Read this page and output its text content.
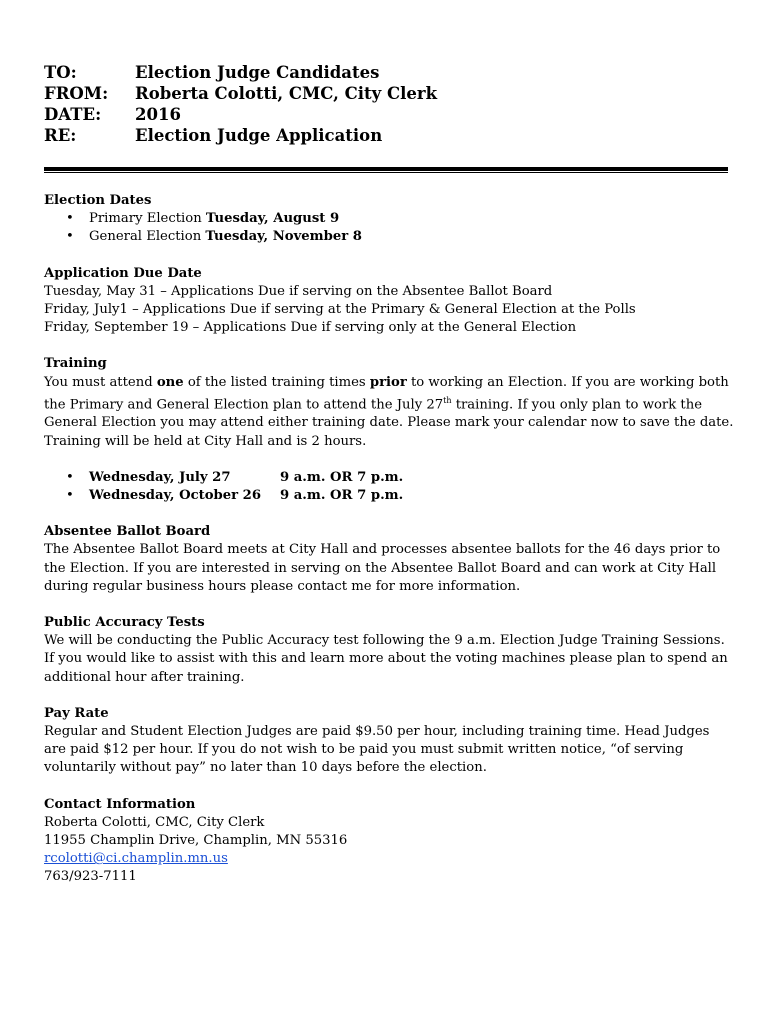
TO:	Election Judge Candidates
FROM:	Roberta Colotti, CMC, City Clerk
DATE:	2016
RE:	Election Judge Application
Election Dates
• Primary Election Tuesday, August 9
• General Election Tuesday, November 8
Application Due Date

Tuesday, May 31 – Applications Due if serving on the Absentee Ballot Board

Friday, July1 – Applications Due if serving at the Primary & General Election at the Polls

Friday, September 19 – Applications Due if serving only at the General Election

Training

You must attend one of the listed training times prior to working an Election. If you are working both the Primary and General Election plan to attend the July 27th training. If you only plan to work the General Election you may attend either training date. Please mark your calendar now to save the date. Training will be held at City Hall and is 2 hours.

• Wednesday, July 27	9 a.m. OR 7 p.m.
• Wednesday, October 26	9 a.m. OR 7 p.m.
Absentee Ballot Board

The Absentee Ballot Board meets at City Hall and processes absentee ballots for the 46 days prior to the Election. If you are interested in serving on the Absentee Ballot Board and can work at City Hall during regular business hours please contact me for more information.

Public Accuracy Tests

We will be conducting the Public Accuracy test following the 9 a.m. Election Judge Training Sessions. If you would like to assist with this and learn more about the voting machines please plan to spend an additional hour after training.

Pay Rate

Regular and Student Election Judges are paid $9.50 per hour, including training time. Head Judges are paid $12 per hour. If you do not wish to be paid you must submit written notice, “of serving voluntarily without pay” no later than 10 days before the election.

Contact Information

Roberta Colotti, CMC, City Clerk

11955 Champlin Drive, Champlin, MN 55316

rcolotti@ci.champlin.mn.us

763/923-7111
